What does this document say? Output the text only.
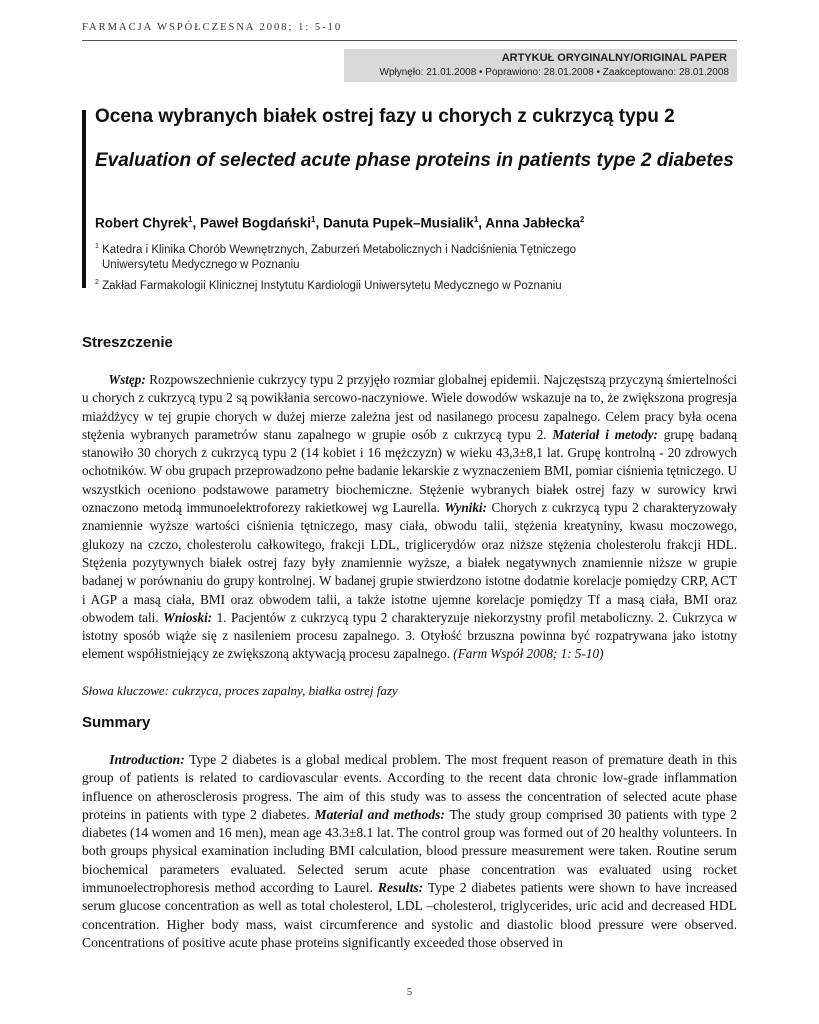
FARMACJA WSPÓŁCZESNA 2008; 1: 5-10
ARTYKUŁ ORYGINALNY/ORIGINAL PAPER
Wpłynęło: 21.01.2008 • Poprawiono: 28.01.2008 • Zaakceptowano: 28.01.2008
Ocena wybranych białek ostrej fazy u chorych z cukrzycą typu 2
Evaluation of selected acute phase proteins in patients type 2 diabetes
Robert Chyrek$^1$, Paweł Bogdański$^1$, Danuta Pupek–Musialik$^1$, Anna Jabłecka$^2$
$^1$ Katedra i Klinika Chorób Wewnętrznych, Zaburzeń Metabolicznych i Nadciśnienia Tętniczego
Uniwersytetu Medycznego w Poznaniu
$^2$ Zakład Farmakologii Klinicznej Instytutu Kardiologii Uniwersytetu Medycznego w Poznaniu
Streszczenie

  Wstęp: Rozpowszechnienie cukrzycy typu 2 przyjęło rozmiar globalnej epidemii. Najczęstszą przyczyną śmiertelności u chorych z cukrzycą typu 2 są powikłania sercowo-naczyniowe. Wiele dowodów wskazuje na to, że zwiększona progresja miażdżycy w tej grupie chorych w dużej mierze zależna jest od nasilanego procesu zapalnego. Celem pracy była ocena stężenia wybranych parametrów stanu zapalnego w grupie osób z cukrzycą typu 2. Materiał i metody: grupę badaną stanowiło 30 chorych z cukrzycą typu 2 (14 kobiet i 16 mężczyzn) w wieku 43,3±8,1 lat. Grupę kontrolną - 20 zdrowych ochotników. W obu grupach przeprowadzono pełne badanie lekarskie z wyznaczeniem BMI, pomiar ciśnienia tętniczego. U wszystkich oceniono podstawowe parametry biochemiczne. Stężenie wybranych białek ostrej fazy w surowicy krwi oznaczono metodą immunoelektroforezy rakietkowej wg Laurella. Wyniki: Chorych z cukrzycą typu 2 charakteryzowały znamiennie wyższe wartości ciśnienia tętniczego, masy ciała, obwodu talii, stężenia kreatyniny, kwasu moczowego, glukozy na czczo, cholesterolu całkowitego, frakcji LDL, triglicerydów oraz niższe stężenia cholesterolu frakcji HDL. Stężenia pozytywnych białek ostrej fazy były znamiennie wyższe, a białek negatywnych znamiennie niższe w grupie badanej w porównaniu do grupy kontrolnej. W badanej grupie stwierdzono istotne dodatnie korelacje pomiędzy CRP, ACT i AGP a masą ciała, BMI oraz obwodem talii, a także istotne ujemne korelacje pomiędzy Tf a masą ciała, BMI oraz obwodem tali. Wnioski: 1. Pacjentów z cukrzycą typu 2 charakteryzuje niekorzystny profil metaboliczny. 2. Cukrzyca w istotny sposób wiąże się z nasileniem procesu zapalnego. 3. Otyłość brzuszna powinna być rozpatrywana jako istotny element współistniejący ze zwiększoną aktywacją procesu zapalnego. (Farm Współ 2008; 1: 5-10)

Słowa kluczowe: cukrzyca, proces zapalny, białka ostrej fazy
Summary

  Introduction: Type 2 diabetes is a global medical problem. The most frequent reason of premature death in this group of patients is related to cardiovascular events. According to the recent data chronic low-grade inflammation influence on atherosclerosis progress. The aim of this study was to assess the concentration of selected acute phase proteins in patients with type 2 diabetes. Material and methods: The study group comprised 30 patients with type 2 diabetes (14 women and 16 men), mean age 43.3±8.1 lat. The control group was formed out of 20 healthy volunteers. In both groups physical examination including BMI calculation, blood pressure measurement were taken. Routine serum biochemical parameters evaluated. Selected serum acute phase concentration was evaluated using rocket immunoelectrophoresis method according to Laurel. Results: Type 2 diabetes patients were shown to have increased serum glucose concentration as well as total cholesterol, LDL –cholesterol, triglycerides, uric acid and decreased HDL concentration. Higher body mass, waist circumference and systolic and diastolic blood pressure were observed. Concentrations of positive acute phase proteins significantly exceeded those observed in

5
